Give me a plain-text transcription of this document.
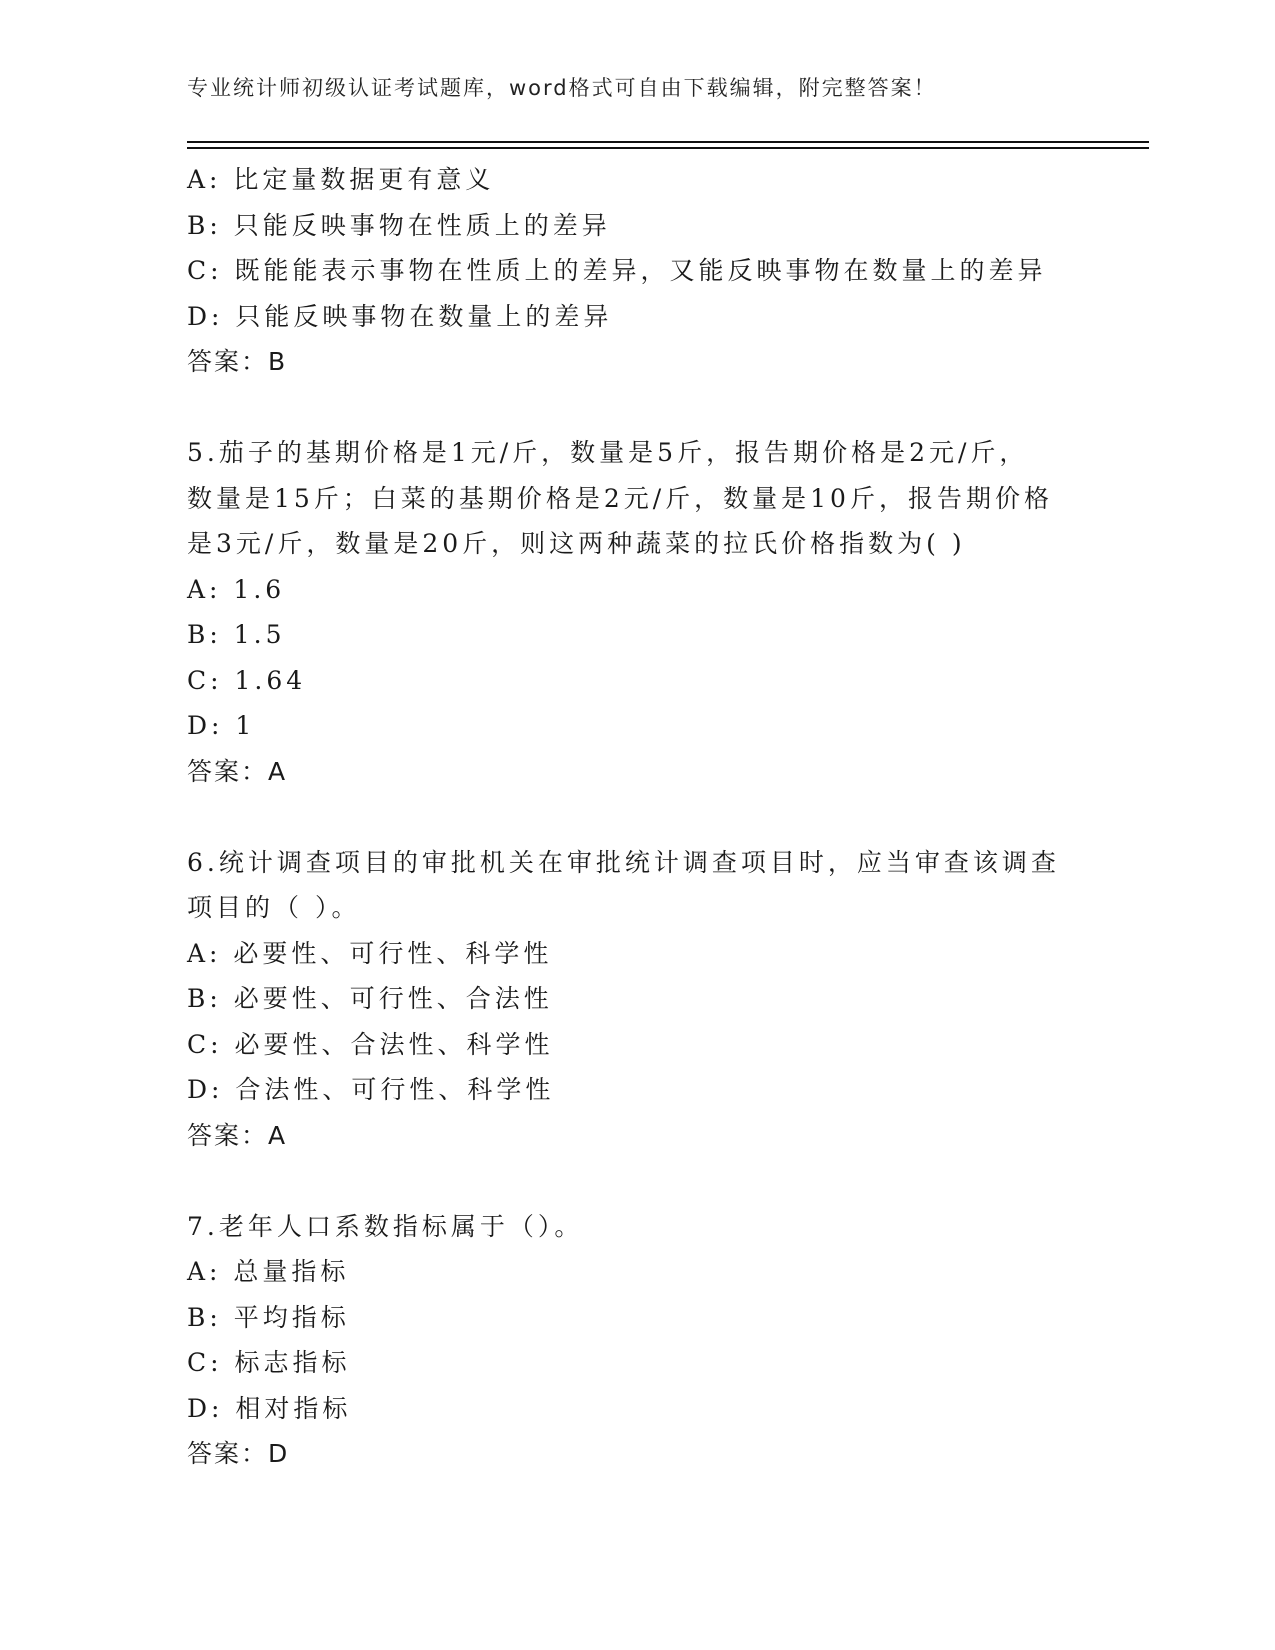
专业统计师初级认证考试题库，word格式可自由下载编辑，附完整答案！
A: 比定量数据更有意义
B: 只能反映事物在性质上的差异
C: 既能能表示事物在性质上的差异，又能反映事物在数量上的差异
D: 只能反映事物在数量上的差异
答案：B
5.茄子的基期价格是1元/斤，数量是5斤，报告期价格是2元/斤，
数量是15斤；白菜的基期价格是2元/斤，数量是10斤，报告期价格
是3元/斤，数量是20斤，则这两种蔬菜的拉氏价格指数为( )
A: 1.6
B: 1.5
C: 1.64
D: 1
答案：A
6.统计调查项目的审批机关在审批统计调查项目时，应当审查该调查
项目的（ ）。
A: 必要性、可行性、科学性
B: 必要性、可行性、合法性
C: 必要性、合法性、科学性
D: 合法性、可行性、科学性
答案：A
7.老年人口系数指标属于（）。
A: 总量指标
B: 平均指标
C: 标志指标
D: 相对指标
答案：D
